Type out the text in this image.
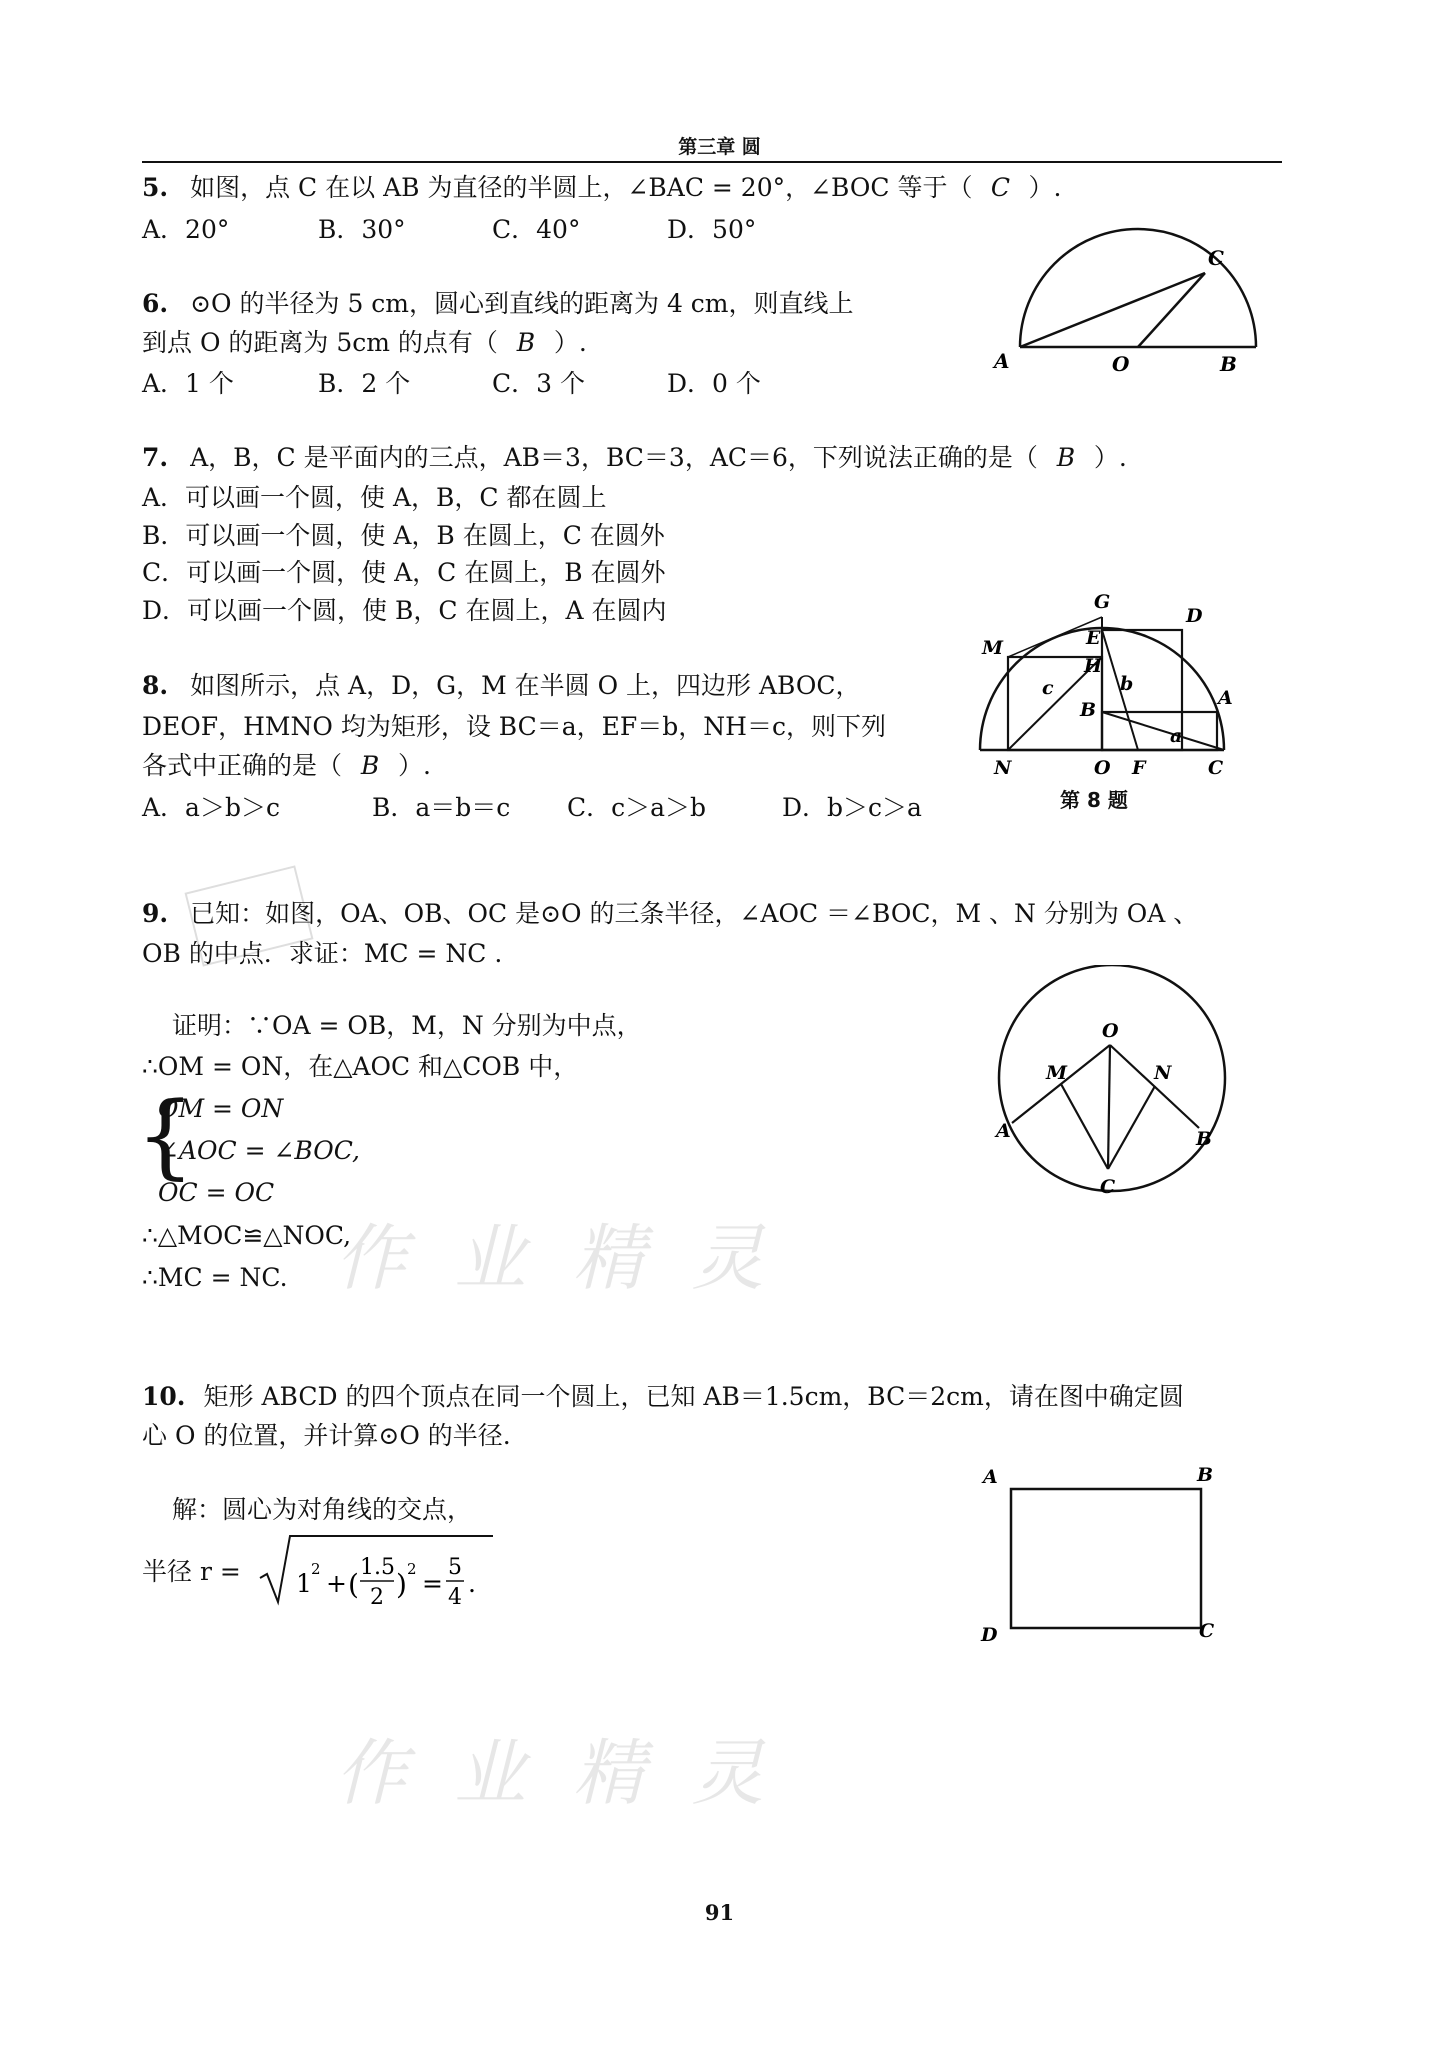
第三章 圆
5. 如图，点 C 在以 AB 为直径的半圆上，∠BAC = 20°，∠BOC 等于（ C ）.
A．20°	B．30°	C．40°	D．50°
C
A	O	B
6. ⊙O 的半径为 5 cm，圆心到直线的距离为 4 cm，则直线上
到点 O 的距离为 5cm 的点有（ B ）.
A．1 个	B．2 个	C．3 个	D．0 个
7. A，B，C 是平面内的三点，AB＝3，BC＝3，AC＝6，下列说法正确的是（ B ）.
A．可以画一个圆，使 A，B，C 都在圆上
B．可以画一个圆，使 A，B 在圆上，C 在圆外
C．可以画一个圆，使 A，C 在圆上，B 在圆外
D．可以画一个圆，使 B，C 在圆上，A 在圆内
8. 如图所示，点 A，D，G，M 在半圆 O 上，四边形 ABOC，
DEOF，HMNO 均为矩形，设 BC＝a，EF＝b，NH＝c，则下列
各式中正确的是（ B ）.
A．a＞b＞c	B．a＝b＝c C．c＞a＞b	D．b＞c＞a
G
D
M	E
H
c	b
B
A
a
N	O F	C
第 8 题
9. 已知：如图，OA、OB、OC 是⊙O 的三条半径，∠AOC ＝∠BOC，M 、N 分别为 OA 、
OB 的中点．求证：MC = NC .
证明：∵OA = OB，M，N 分别为中点，
∴OM = ON，在△AOC 和△COB 中，
{
OM = ON
∠AOC = ∠BOC,
OC = OC
∴△MOC≌△NOC,
∴MC = NC.
O
M	N
A	B
C
10. 矩形 ABCD 的四个顶点在同一个圆上，已知 AB＝1.5cm，BC＝2cm，请在图中确定圆
心 O 的位置，并计算⊙O 的半径.
解：圆心为对角线的交点，
半径 r = 1 2 + (
1.5
2 ) 2 =
5
4 .
A	B
D	C
作 业 精 灵
作 业 精 灵
91
